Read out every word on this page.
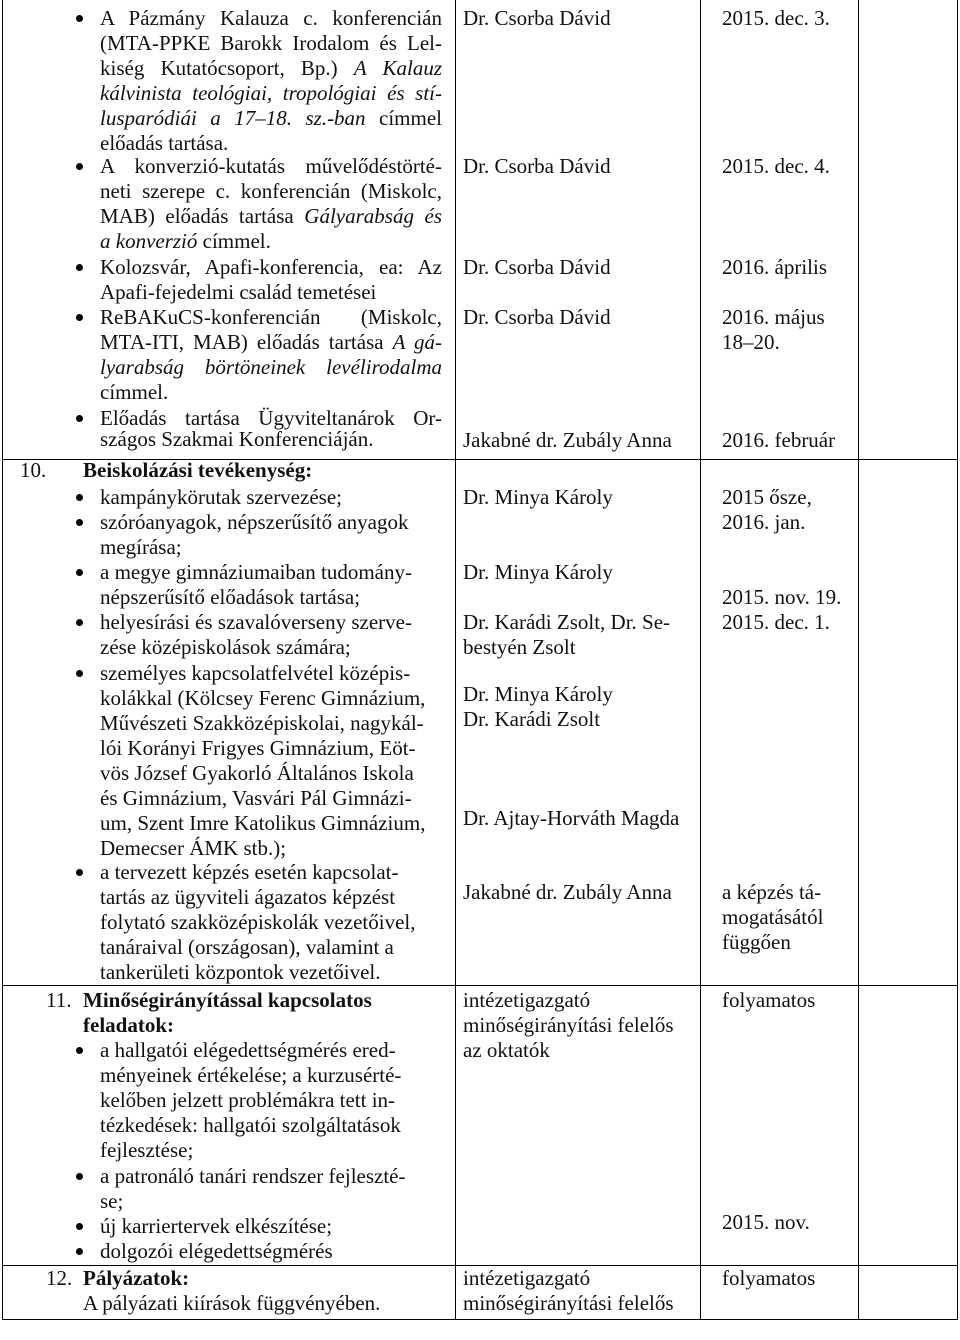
A Pázmány Kalauza c. konferencián
(MTA-PPKE Barokk Irodalom és Lel-
kiség Kutatócsoport, Bp.) A Kalauz
kálvinista teológiai, tropológiai és stí-
lusparódiái a 17–18. sz.-ban címmel
előadás tartása.
A konverzió-kutatás művelődéstörté-
neti szerepe c. konferencián (Miskolc,
MAB) előadás tartása Gályarabság és
a konverzió címmel.
Kolozsvár, Apafi-konferencia, ea: Az
Apafi-fejedelmi család temetései
ReBAKuCS-konferencián (Miskolc,
MTA-ITI, MAB) előadás tartása A gá-
lyarabság börtöneinek levélirodalma
címmel.
Előadás tartása Ügyviteltanárok Or-
szágos Szakmai Konferenciáján.
Dr. Csorba Dávid
Dr. Csorba Dávid
Dr. Csorba Dávid
Dr. Csorba Dávid
Jakabné dr. Zubály Anna
2015. dec. 3.
2015. dec. 4.
2016. április
2016. május
18–20.
2016. február
10. Beiskolázási tevékenység:
kampánykörutak szervezése;
szóróanyagok, népszerűsítő anyagok
megírása;
a megye gimnáziumaiban tudomány-
népszerűsítő előadások tartása;
helyesírási és szavalóverseny szerve-
zése középiskolások számára;
személyes kapcsolatfelvétel középis-
kolákkal (Kölcsey Ferenc Gimnázium,
Művészeti Szakközépiskolai, nagykál-
lói Korányi Frigyes Gimnázium, Eöt-
vös József Gyakorló Általános Iskola
és Gimnázium, Vasvári Pál Gimnázi-
um, Szent Imre Katolikus Gimnázium,
Demecser ÁMK stb.);
a tervezett képzés esetén kapcsolat-
tartás az ügyviteli ágazatos képzést
folytató szakközépiskolák vezetőivel,
tanáraival (országosan), valamint a
tankerületi központok vezetőivel.
Dr. Minya Károly
Dr. Minya Károly
Dr. Karádi Zsolt, Dr. Se-
bestyén Zsolt
Dr. Minya Károly
Dr. Karádi Zsolt
Dr. Ajtay-Horváth Magda
Jakabné dr. Zubály Anna
2015 ősze,
2016. jan.
2015. nov. 19.
2015. dec. 1.
a képzés tá-
mogatásától
függően
11. Minőségirányítással kapcsolatos
feladatok:
a hallgatói elégedettségmérés ered-
ményeinek értékelése; a kurzusérté-
kelőben jelzett problémákra tett in-
tézkedések: hallgatói szolgáltatások
fejlesztése;
a patronáló tanári rendszer fejleszté-
se;
új karriertervek elkészítése;
dolgozói elégedettségmérés
intézetigazgató
minőségirányítási felelős
az oktatók
folyamatos
2015. nov.
12. Pályázatok:
A pályázati kiírások függvényében.
intézetigazgató
minőségirányítási felelős
folyamatos
